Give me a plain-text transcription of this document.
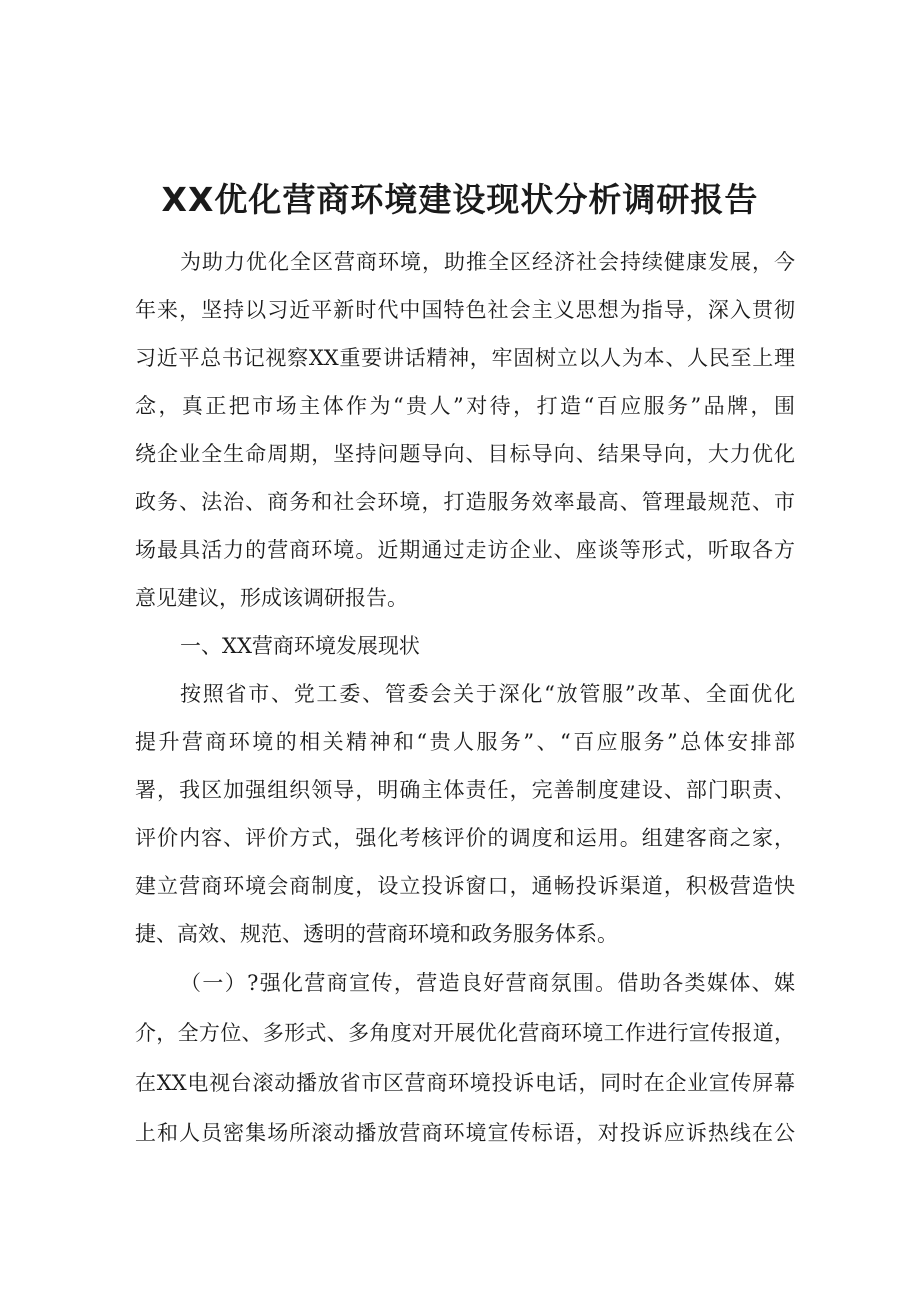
XX优化营商环境建设现状分析调研报告
为助力优化全区营商环境，助推全区经济社会持续健康发展，今
年来，坚持以习近平新时代中国特色社会主义思想为指导，深入贯彻
习近平总书记视察XX重要讲话精神，牢固树立以人为本、人民至上理
念，真正把市场主体作为“贵人”对待，打造“百应服务”品牌，围
绕企业全生命周期，坚持问题导向、目标导向、结果导向，大力优化
政务、法治、商务和社会环境，打造服务效率最高、管理最规范、市
场最具活力的营商环境。近期通过走访企业、座谈等形式，听取各方
意见建议，形成该调研报告。
一、XX营商环境发展现状
按照省市、党工委、管委会关于深化“放管服”改革、全面优化
提升营商环境的相关精神和“贵人服务”、“百应服务”总体安排部
署，我区加强组织领导，明确主体责任，完善制度建设、部门职责、
评价内容、评价方式，强化考核评价的调度和运用。组建客商之家，
建立营商环境会商制度，设立投诉窗口，通畅投诉渠道，积极营造快
捷、高效、规范、透明的营商环境和政务服务体系。
（一）?强化营商宣传，营造良好营商氛围。借助各类媒体、媒
介，全方位、多形式、多角度对开展优化营商环境工作进行宣传报道，
在XX电视台滚动播放省市区营商环境投诉电话，同时在企业宣传屏幕
上和人员密集场所滚动播放营商环境宣传标语，对投诉应诉热线在公
